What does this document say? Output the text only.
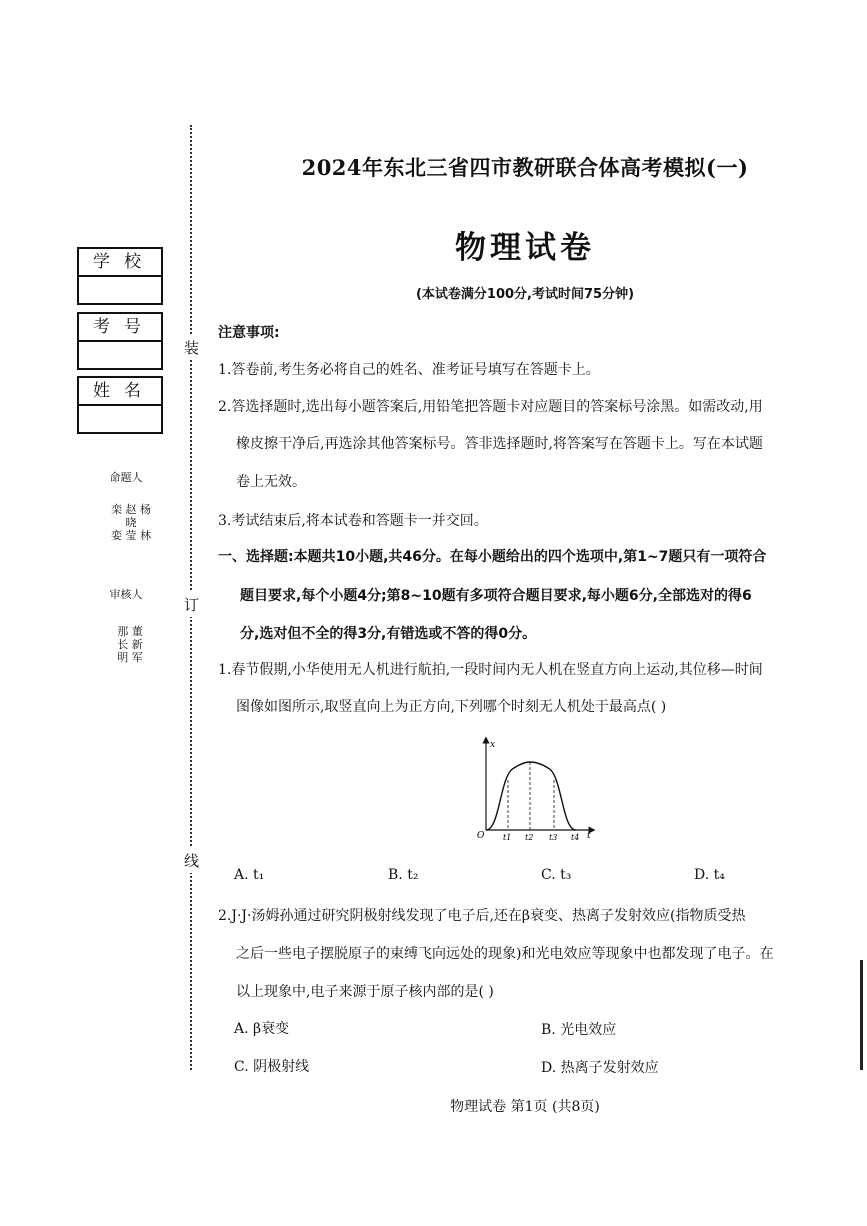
装
订
线
学校
考号
姓名
命题人
栾 赵 杨
晓
娈 莹 林
审核人
那 董
长 新
明 军
2024年东北三省四市教研联合体高考模拟(一)
物理试卷
(本试卷满分100分,考试时间75分钟)
注意事项:
1.答卷前,考生务必将自己的姓名、准考证号填写在答题卡上。
2.答选择题时,选出每小题答案后,用铅笔把答题卡对应题目的答案标号涂黑。如需改动,用
橡皮擦干净后,再选涂其他答案标号。答非选择题时,将答案写在答题卡上。写在本试题
卷上无效。
3.考试结束后,将本试卷和答题卡一并交回。
一、选择题:本题共10小题,共46分。在每小题给出的四个选项中,第1~7题只有一项符合
题目要求,每个小题4分;第8~10题有多项符合题目要求,每小题6分,全部选对的得6
分,选对但不全的得3分,有错选或不答的得0分。
1.春节假期,小华使用无人机进行航拍,一段时间内无人机在竖直方向上运动,其位移—时间
图像如图所示,取竖直向上为正方向,下列哪个时刻无人机处于最高点( )
x
t
O t1 t2 t3 t4
A. t₁	B. t₂	C. t₃	D. t₄
2.J·J·汤姆孙通过研究阴极射线发现了电子后,还在β衰变、热离子发射效应(指物质受热
之后一些电子摆脱原子的束缚飞向远处的现象)和光电效应等现象中也都发现了电子。在
以上现象中,电子来源于原子核内部的是( )
A. β衰变	B. 光电效应
C. 阴极射线	D. 热离子发射效应
物理试卷 第1页 (共8页)
